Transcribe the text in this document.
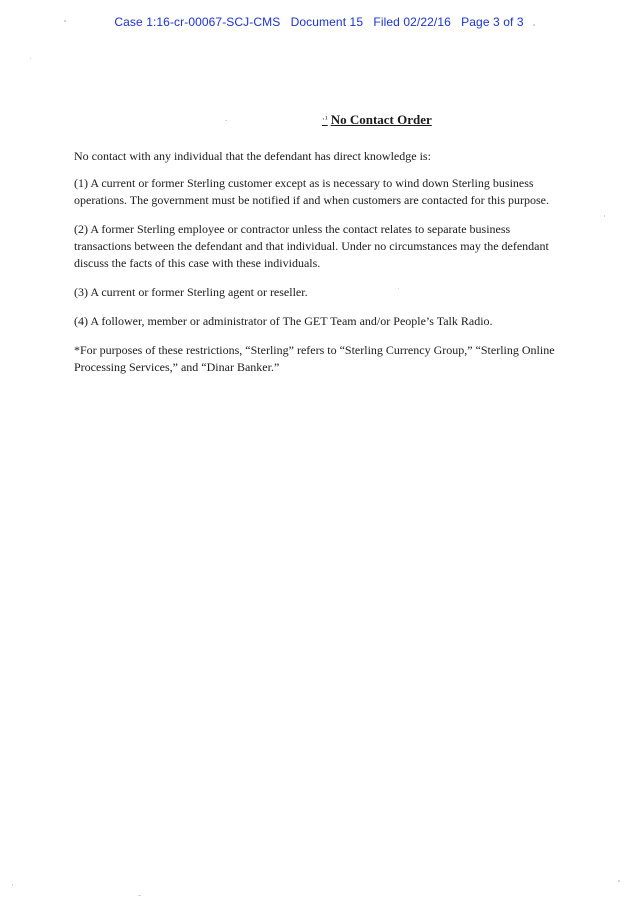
Case 1:16-cr-00067-SCJ-CMS   Document 15   Filed 02/22/16   Page 3 of 3
·¹ No Contact Order

No contact with any individual that the defendant has direct knowledge is:

(1) A current or former Sterling customer except as is necessary to wind down Sterling business operations. The government must be notified if and when customers are contacted for this purpose.

(2) A former Sterling employee or contractor unless the contact relates to separate business transactions between the defendant and that individual. Under no circumstances may the defendant discuss the facts of this case with these individuals.

(3) A current or former Sterling agent or reseller.

(4) A follower, member or administrator of The GET Team and/or People’s Talk Radio.

*For purposes of these restrictions, “Sterling” refers to “Sterling Currency Group,” “Sterling Online Processing Services,” and “Dinar Banker.”
